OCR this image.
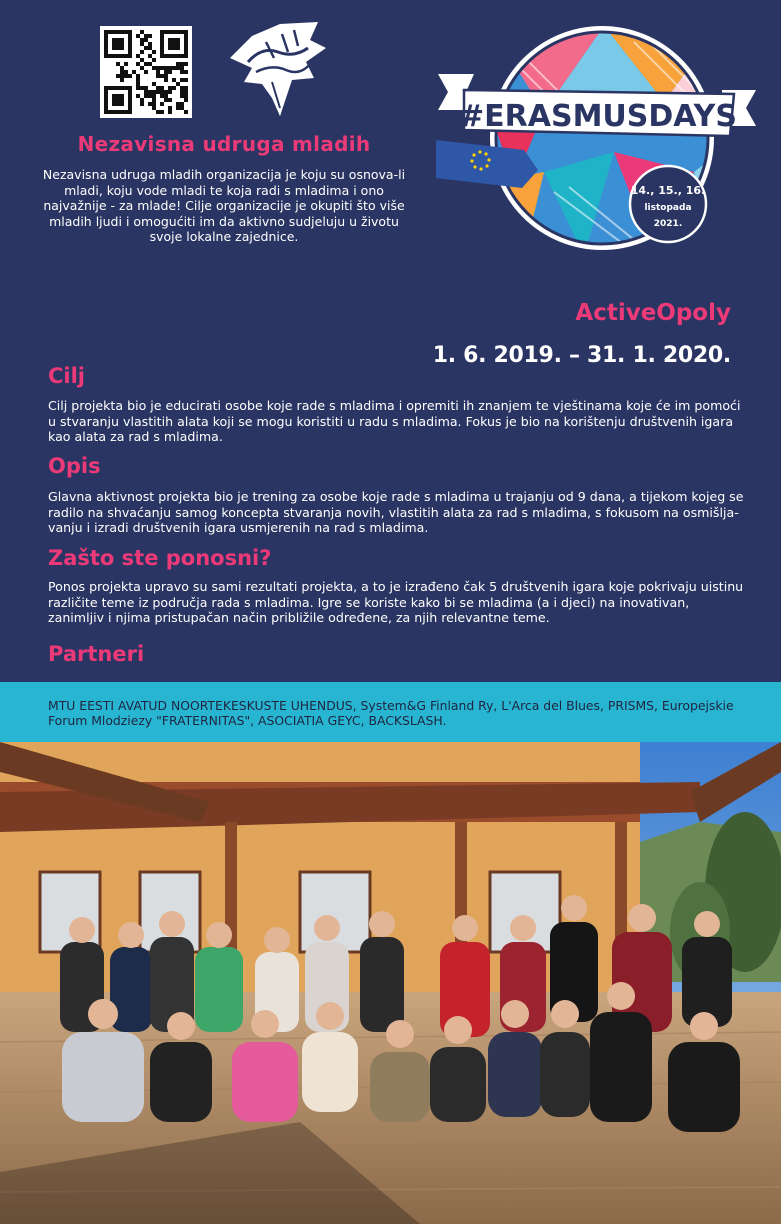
Nezavisna udruga mladih
Nezavisna udruga mladih organizacija je koju su osnova-li mladi, koju vode mladi te koja radi s mladima i ono najvažnije - za mlade! Cilje organizacije je okupiti što više mladih ljudi i omogućiti im da aktivno sudjeluju u životu svoje lokalne zajednice.
#ERASMUSDAYS
14., 15., 16.
listopada
2021.
ActiveOpoly
1. 6. 2019. – 31. 1. 2020.
Cilj
Cilj projekta bio je educirati osobe koje rade s mladima i opremiti ih znanjem te vještinama koje će im pomoći u stvaranju vlastitih alata koji se mogu koristiti u radu s mladima. Fokus je bio na korištenju društvenih igara kao alata za rad s mladima.
Opis
Glavna aktivnost projekta bio je trening za osobe koje rade s mladima u trajanju od 9 dana, a tijekom kojeg se radilo na shvaćanju samog koncepta stvaranja novih, vlastitih alata za rad s mladima, s fokusom na osmišlja-vanju i izradi društvenih igara usmjerenih na rad s mladima.
Zašto ste ponosni?
Ponos projekta upravo su sami rezultati projekta, a to je izrađeno čak 5 društvenih igara koje pokrivaju uistinu različite teme iz područja rada s mladima. Igre se koriste kako bi se mladima (a i djeci) na inovativan, zanimljiv i njima pristupačan način približile određene, za njih relevantne teme.
Partneri
MTU EESTI AVATUD NOORTEKESKUSTE UHENDUS, System&G Finland Ry, L'Arca del Blues, PRISMS, Europejskie Forum Mlodziezy "FRATERNITAS", ASOCIATIA GEYC, BACKSLASH.
